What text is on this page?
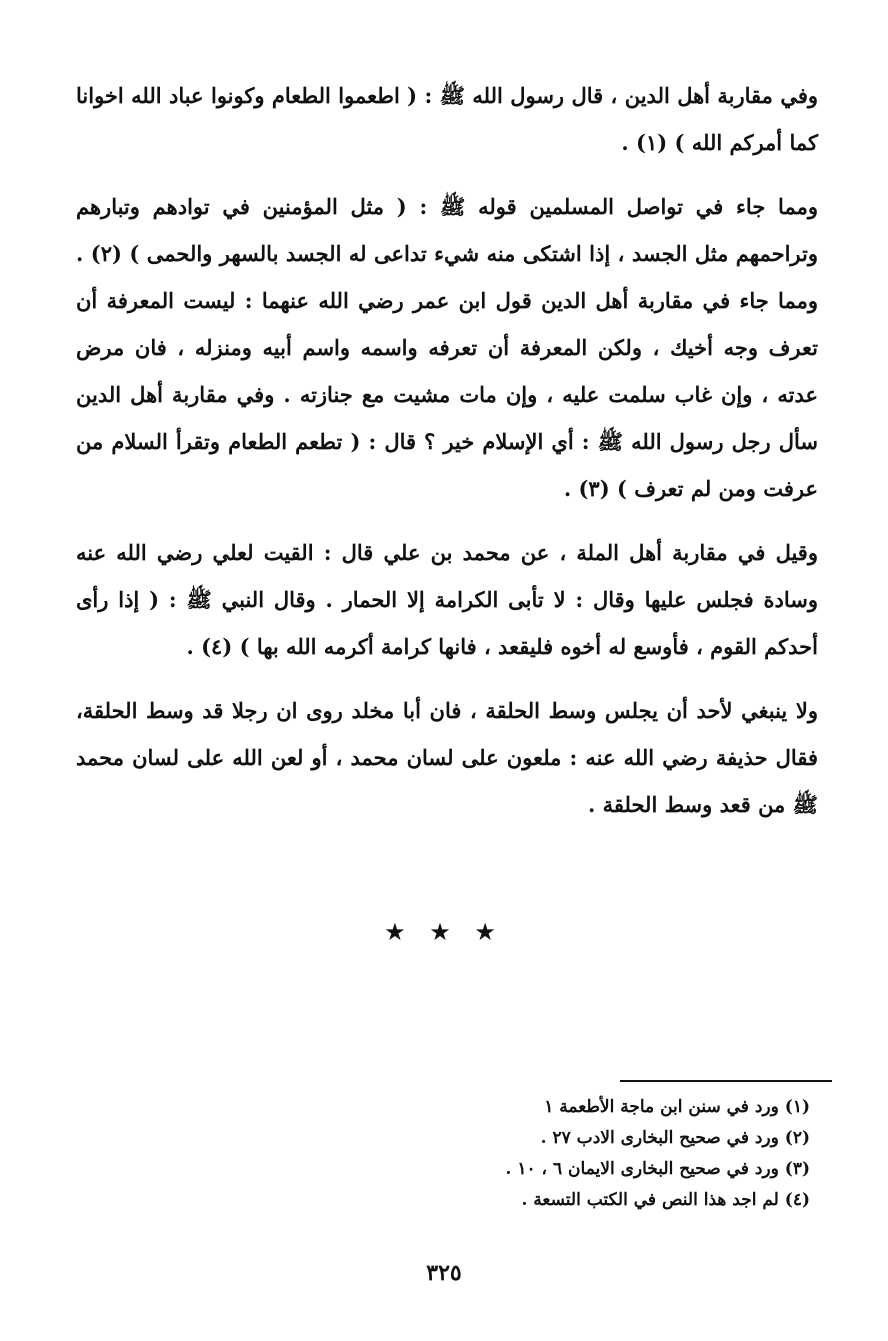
وفي مقاربة أهل الدين ، قال رسول الله ﷺ : ( اطعموا الطعام وكونوا عباد الله اخوانا كما أمركم الله ) (١) .

ومما جاء في تواصل المسلمين قوله ﷺ : ( مثل المؤمنين في توادهم وتبارهم وتراحمهم مثل الجسد ، إذا اشتكى منه شيء تداعى له الجسد بالسهر والحمى ) (٢) . ومما جاء في مقاربة أهل الدين قول ابن عمر رضي الله عنهما : ليست المعرفة أن تعرف وجه أخيك ، ولكن المعرفة أن تعرفه واسمه واسم أبيه ومنزله ، فان مرض عدته ، وإن غاب سلمت عليه ، وإن مات مشيت مع جنازته . وفي مقاربة أهل الدين سأل رجل رسول الله ﷺ : أي الإسلام خير ؟ قال : ( تطعم الطعام وتقرأ السلام من عرفت ومن لم تعرف ) (٣) .

وقيل في مقاربة أهل الملة ، عن محمد بن علي قال : القيت لعلي رضي الله عنه وسادة فجلس عليها وقال : لا تأبى الكرامة إلا الحمار . وقال النبي ﷺ : ( إذا رأى أحدكم القوم ، فأوسع له أخوه فليقعد ، فانها كرامة أكرمه الله بها ) (٤) .

ولا ينبغي لأحد أن يجلس وسط الحلقة ، فان أبا مخلد روى ان رجلا قد وسط الحلقة، فقال حذيفة رضي الله عنه : ملعون على لسان محمد ، أو لعن الله على لسان محمد ﷺ من قعد وسط الحلقة .

★ ★ ★
(١) ورد في سنن ابن ماجة الأطعمة ١
(٢) ورد في صحيح البخارى الادب ٢٧ .
(٣) ورد في صحيح البخارى الايمان ٦ ، ١٠ .
(٤) لم اجد هذا النص في الكتب التسعة .
٣٢٥
